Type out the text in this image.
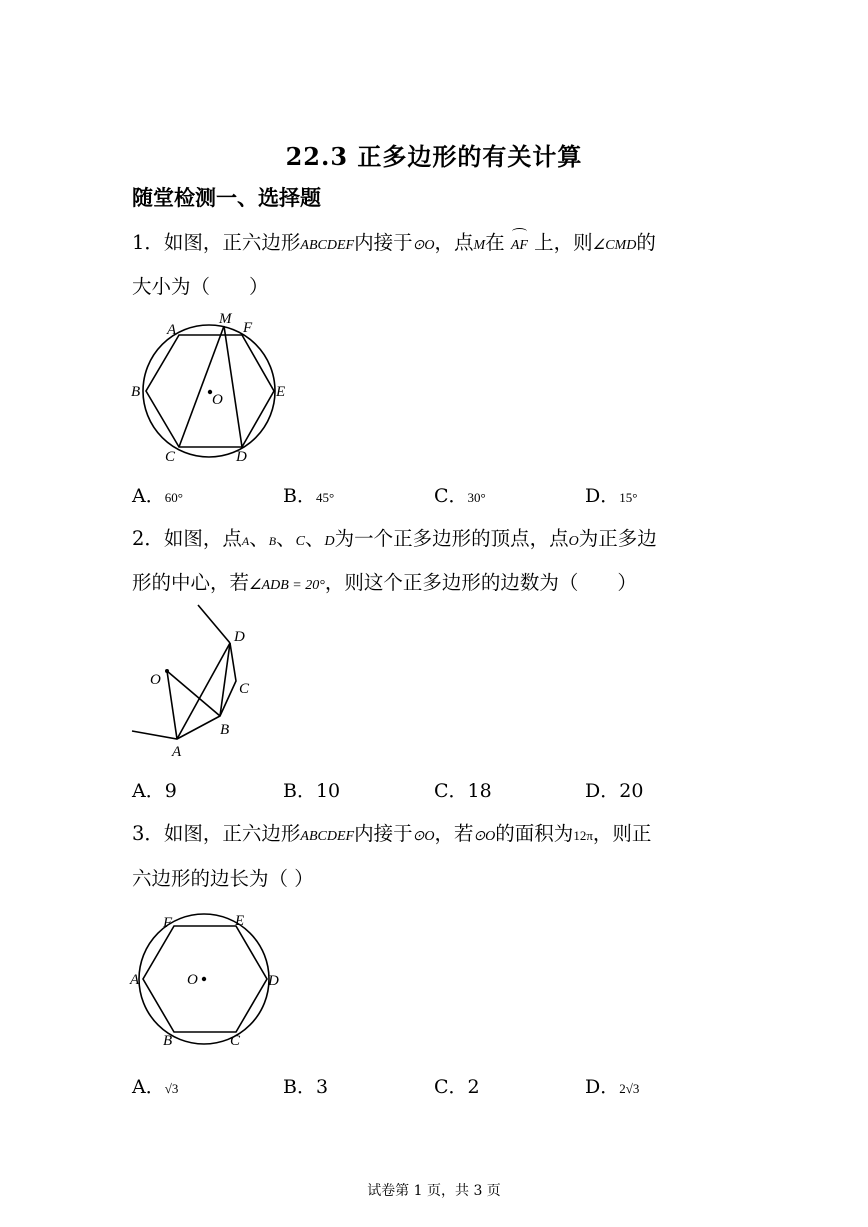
22.3 正多边形的有关计算
随堂检测一、选择题
1．如图，正六边形ABCDEF内接于⊙O，点M在 AF 上，则∠CMD的
大小为（　　）
A
M
F
B	O	E
C	D
A．60°	B．45°	C．30°	D．15°
2．如图，点A、B、C、D为一个正多边形的顶点，点O为正多边
形的中心，若∠ADB = 20°，则这个正多边形的边数为（　　）
D
O
C
B
A
A．9	B．10	C．18	D．20
3．如图，正六边形ABCDEF内接于⊙O，若⊙O的面积为12π，则正
六边形的边长为（ ）
F	E
A	O	D
B	C
A．√3	B．3	C．2	D．2√3
试卷第 1 页，共 3 页
